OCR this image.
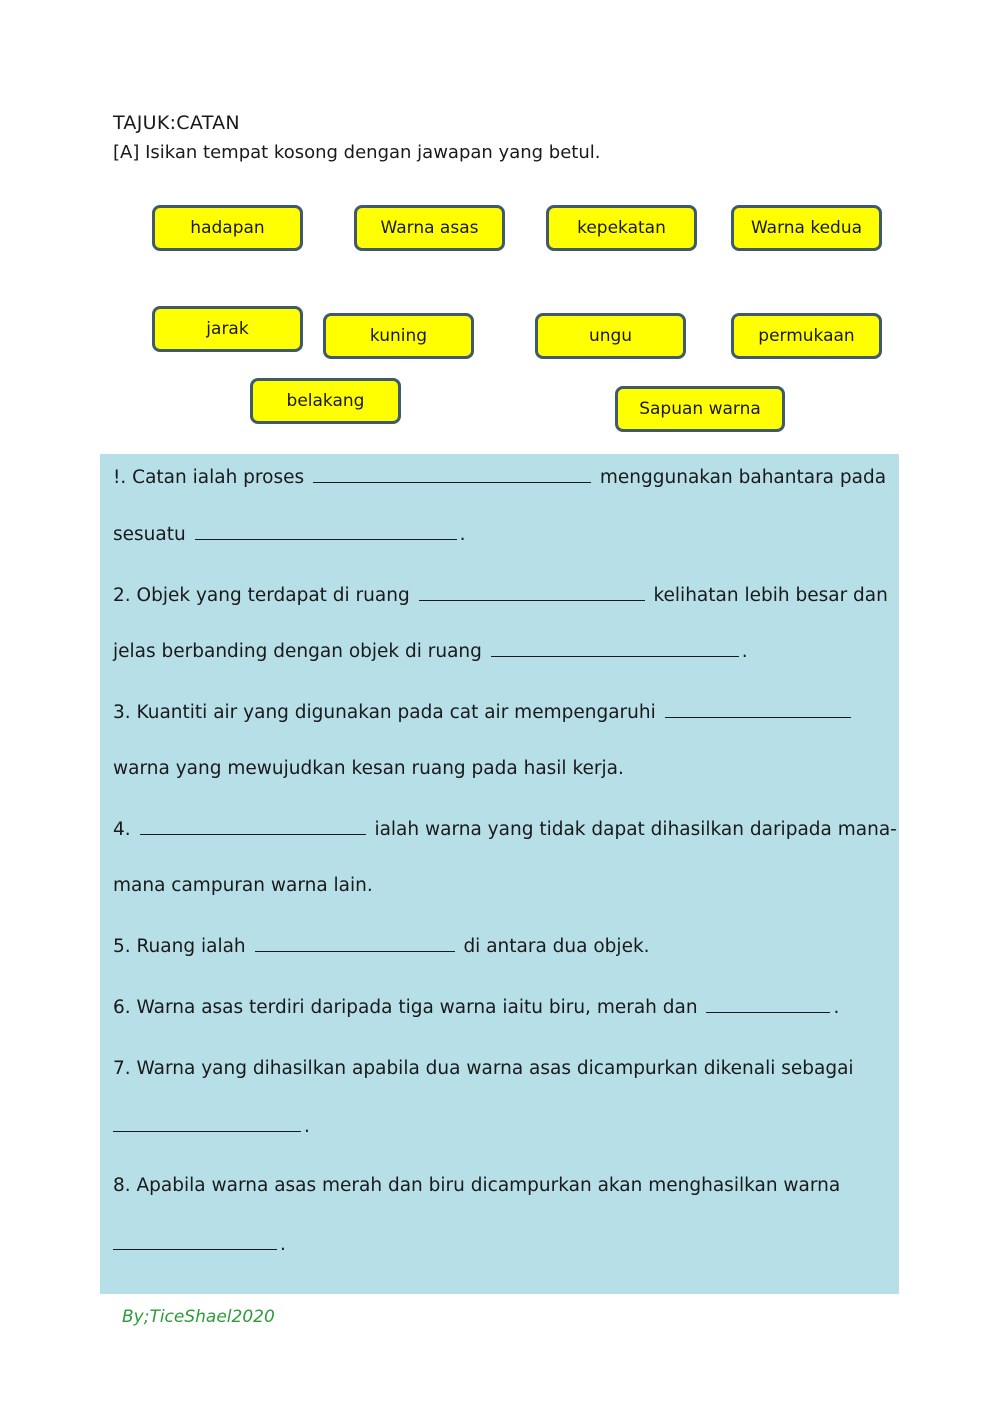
TAJUK:CATAN
[A] Isikan tempat kosong dengan jawapan yang betul.
hadapan	Warna asas	kepekatan	Warna kedua
jarak	kuning	ungu	permukaan
belakang	Sapuan warna
!. Catan ialah proses	menggunakan bahantara pada
sesuatu	.
2. Objek yang terdapat di ruang	kelihatan lebih besar dan
jelas berbanding dengan objek di ruang	.
3. Kuantiti air yang digunakan pada cat air mempengaruhi
warna yang mewujudkan kesan ruang pada hasil kerja.
4.	ialah warna yang tidak dapat dihasilkan daripada mana-
mana campuran warna lain.
5. Ruang ialah	di antara dua objek.
6. Warna asas terdiri daripada tiga warna iaitu biru, merah dan	.
7. Warna yang dihasilkan apabila dua warna asas dicampurkan dikenali sebagai
.
8. Apabila warna asas merah dan biru dicampurkan akan menghasilkan warna
.
By;TiceShael2020
